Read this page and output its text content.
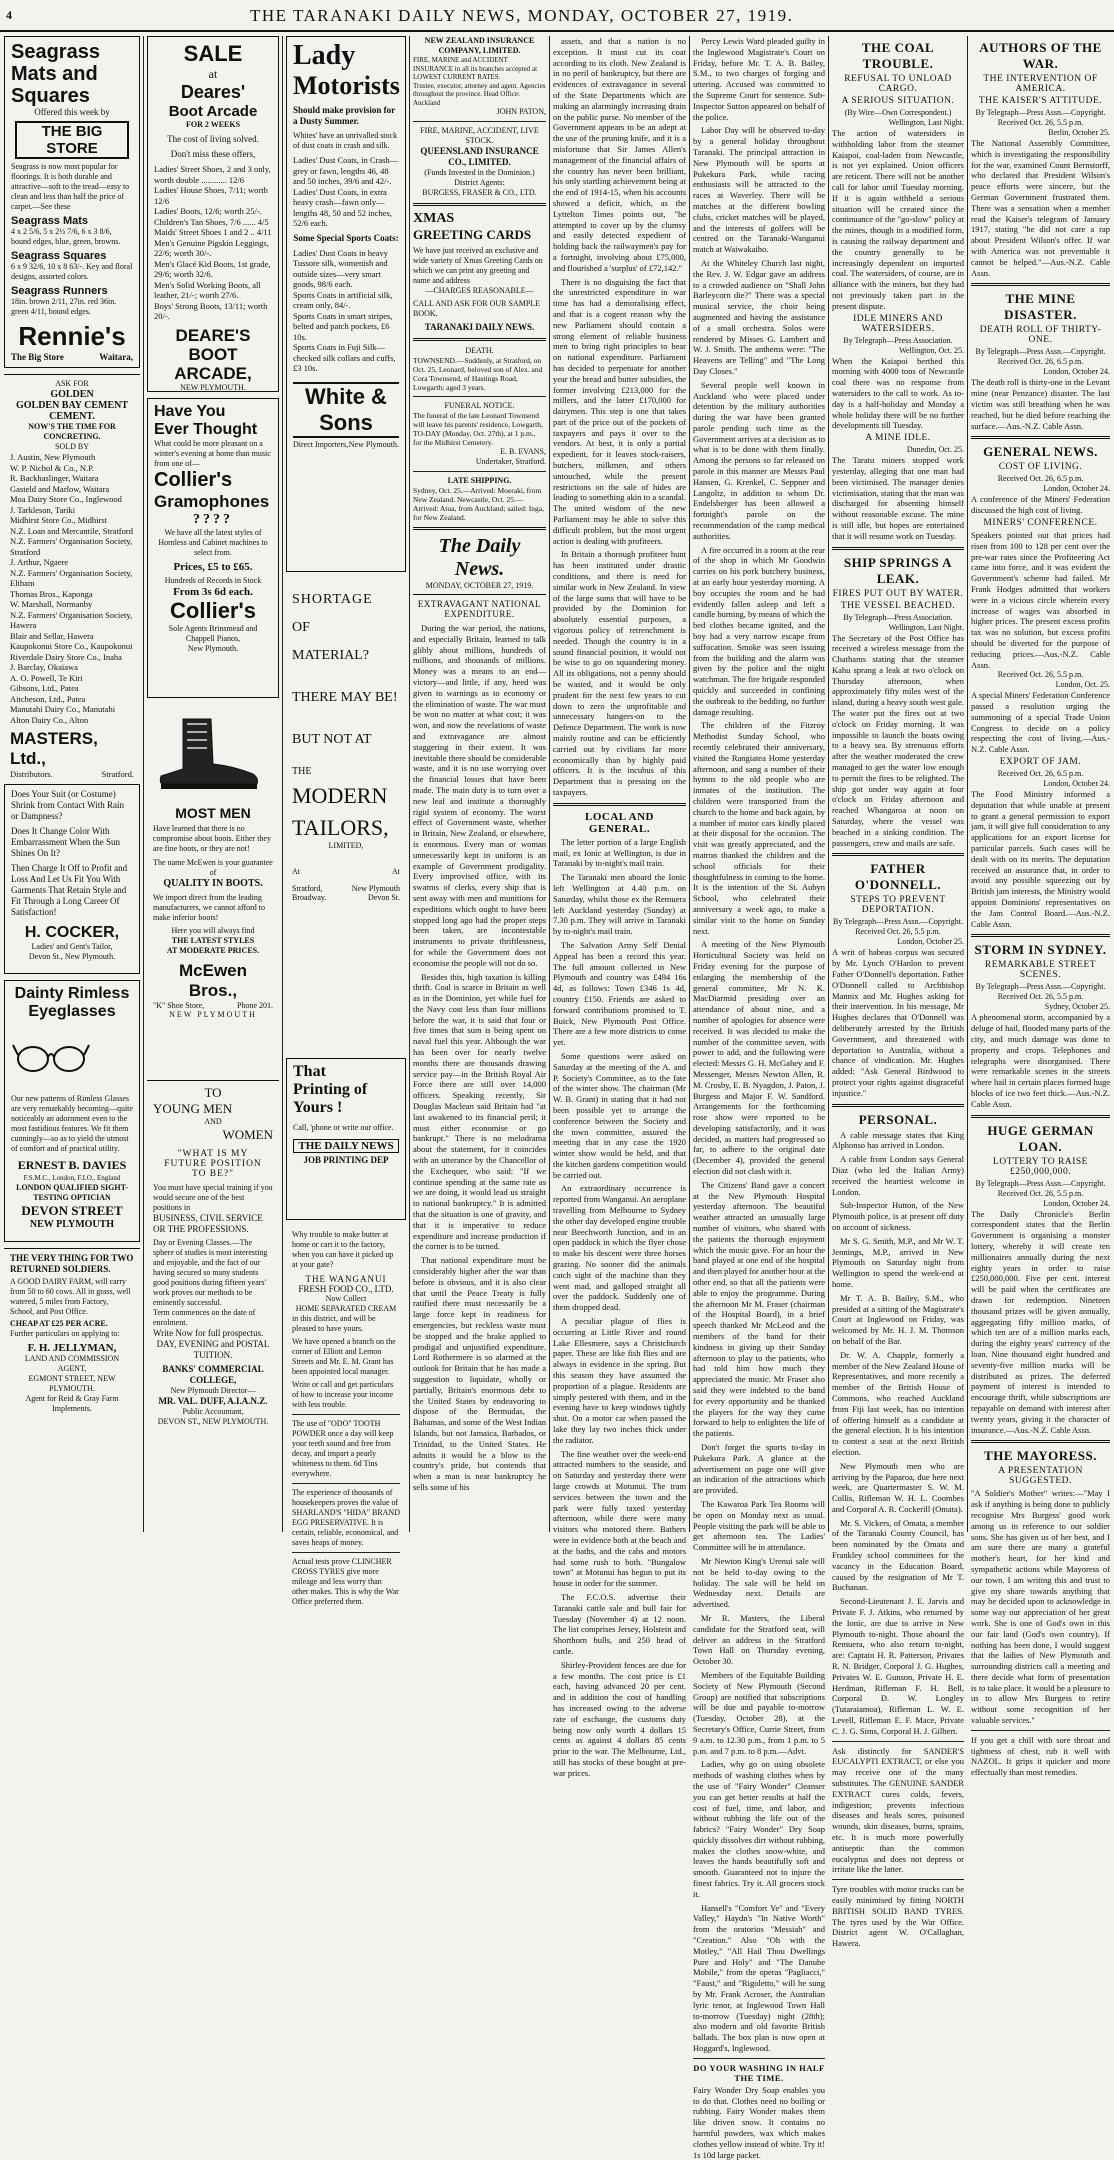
4	THE TARANAKI DAILY NEWS, MONDAY, OCTOBER 27, 1919.
Seagrass
Mats and
Squares
Offered this week by
THE BIG STORE
Seagrass is now most popular for floorings. It is both durable and attractive—soft to the tread—easy to clean and less than half the price of carpet.—See these
Seagrass Mats
4 x 2 5/6, 5 x 2½ 7/6, 6 x 3 8/6, bound edges, blue, green, browns.
Seagrass Squares
6 x 9 32/6, 10 x 8 63/-. Key and floral designs, assorted colors.
Seagrass Runners
18in. brown 2/11, 27in. red 36in. green 4/11, bound edges.
Rennie's
The Big Store	Waitara,
ASK FOR
GOLDEN
GOLDEN BAY CEMENT
CEMENT.
NOW'S THE TIME FOR CONCRETING.
SOLD BY
J. Austin, New Plymouth
W. P. Nichol & Co., N.P.
R. Backhaslinger, Waitara
Gasteld and Marlow, Waitara
Moa Dairy Store Co., Inglewood
J. Tarkleson, Tariki
Midhirst Store Co., Midhirst
N.Z. Loan and Mercantile, Stratford
N.Z. Farmers' Organisation Society, Stratford
J. Arthur, Ngaere
N.Z. Farmers' Organisation Society, Eltham
Thomas Bros., Kaponga
W. Marshall, Normanby
N.Z. Farmers' Organisation Society, Hawera
Blair and Sellar, Hawera
Kaupokonui Store Co., Kaupokonui
Riverdale Dairy Store Co., Inaha
J. Barclay, Okaiawa
A. O. Powell, Te Kiri
Gibsons, Ltd., Patea
Aitcheson, Ltd., Patea
Manutahi Dairy Co., Manutahi
Alton Dairy Co., Alton
MASTERS, Ltd.,
Distributors.	Stratford.
Does Your Suit (or Costume) Shrink from Contact With Rain or Dampness?
Does It Change Color With Embarrassment When the Sun Shines On It?
Then Charge It Off to Profit and Loss And Let Us Fit You With Garments That Retain Style and Fit Through a Long Career Of Satisfaction!
H. COCKER,
Ladies' and Gent's Tailor,
Devon St., New Plymouth.
Dainty Rimless
Eyeglasses
Our new patterns of Rimless Glasses are very remarkably becoming—quite noticeably an adornment even to the most fastidious features. We fit them cunningly—so as to yield the utmost of comfort and of practical utility.
ERNEST B. DAVIES
F.S.M.C., London, F.I.O., England
LONDON QUALIFIED SIGHT-TESTING OPTICIAN
DEVON STREET
NEW PLYMOUTH
THE VERY THING FOR TWO RETURNED SOLDIERS.
A GOOD DAIRY FARM, will carry from 50 to 60 cows. All in grass, well watered, 5 miles from Factory, School, and Post Office.
CHEAP AT £25 PER ACRE.
Further particulars on applying to:
F. H. JELLYMAN,
LAND AND COMMISSION AGENT,
EGMONT STREET, NEW PLYMOUTH.
Agent for Reid & Gray Farm Implements.
SALE
at
Deares'
Boot Arcade
FOR 2 WEEKS
The cost of living solved.
Don't miss these offers,
Ladies' Street Shoes, 2 and 3 only, worth double ............ 12/6
Ladies' House Shoes, 7/11; worth 12/6
Ladies' Boots, 12/6; worth 25/-.
Children's Tan Shoes, 7/6 ...... 4/5
Maids' Street Shoes 1 and 2 .. 4/11
Men's Genuine Pigskin Leggings, 22/6; worth 30/-.
Men's Glacé Kid Boots, 1st grade, 29/6; worth 32/6.
Men's Solid Working Boots, all leather, 21/-; worth 27/6.
Boys' Strong Boots, 13/11; worth 20/-.
DEARE'S
BOOT
ARCADE,
NEW PLYMOUTH.
Have You
Ever Thought
What could be more pleasant on a winter's evening at home than music from one of—
Collier's
Gramophones
????
We have all the latest styles of Hornless and Cabinet machines to select from.
Prices, £5 to £65.
Hundreds of Records in Stock
From 3s 6d each.
Collier's
Sole Agents Brinsmead and Chappell Pianos,
New Plymouth.
MOST MEN
Have learned that there is no compromise about boots. Either they are fine boots, or they are not!
The name McEwen is your guarantee of
QUALITY IN BOOTS.
We import direct from the leading manufacturers, we cannot afford to make inferior boots!
Here you will always find
THE LATEST STYLES
AT MODERATE PRICES.
McEwen Bros.,
"K" Shoe Store,	Phone 201.
NEW PLYMOUTH
TO
YOUNG MEN
AND
WOMEN
"WHAT IS MY
FUTURE POSITION
TO BE?"
You must have special training if you would secure one of the best positions in
BUSINESS, CIVIL SERVICE OR THE PROFESSIONS.
Day or Evening Classes.—The sphere of studies is most interesting and enjoyable, and the fact of our having secured so many students good positions during fifteen years' work proves our methods to be eminently successful.
Term commences on the date of enrolment.
Write Now for full prospectus.
DAY, EVENING and POSTAL TUITION.
BANKS' COMMERCIAL COLLEGE,
New Plymouth Director—
MR. VAL. DUFF, A.I.A.N.Z.
Public Accountant,
DEVON ST., NEW PLYMOUTH.
Lady
Motorists
Should make provision for a Dusty Summer.
Whites' have an unrivalled stock of dust coats in crash and silk.
Ladies' Dust Coats, in Crash—grey or fawn, lengths 46, 48 and 50 inches, 39/6 and 42/-.
Ladies' Dust Coats, in extra heavy crash—fawn only—lengths 48, 50 and 52 inches, 52/6 each.
Some Special Sports Coats:
Ladies' Dust Coats in heavy Tussore silk, womenish and outside sizes—very smart goods, 98/6 each.
Sports Coats in artificial silk, cream only, 84/-.
Sports Coats in smart stripes, belted and patch pockets, £6 10s.
Sports Coats in Fuji Silk—checked silk collars and cuffs, £3 10s.
White & Sons
Direct Importers, New Plymouth.
SHORTAGE
OF
MATERIAL?
THERE MAY BE!
BUT NOT AT
THE
MODERN
TAILORS,
LIMITED,
At	At
Stratford,	New Plymouth
Broadway.	Devon St.
That
Printing of
Yours !
Call, 'phone or write our office.
THE DAILY NEWS
JOB PRINTING DEP
Why trouble to make butter at home or cart it to the factory, when you can have it picked up at your gate?
THE WANGANUI
FRESH FOOD CO., LTD.
Now Collect
HOME SEPARATED CREAM
in this district, and will be pleased to have yours.
We have opened a branch on the corner of Elliott and Lemon Streets and Mr. E. M. Grant has been appointed local manager.
Write or call and get particulars of how to increase your income with less trouble.
The use of "ODO" TOOTH POWDER once a day will keep your teeth sound and free from decay, and impart a pearly whiteness to them. 6d Tins everywhere.
The experience of thousands of housekeepers proves the value of SHARLAND'S "HIDA" BRAND EGG PRESERVATIVE. It is certain, reliable, economical, and saves heaps of money.
Actual tests prove CLINCHER CROSS TYRES give more mileage and less worry than other makes. This is why the War Office preferred them.
NEW ZEALAND INSURANCE COMPANY, LIMITED.
FIRE, MARINE and ACCIDENT INSURANCE in all its branches accepted at LOWEST CURRENT RATES.
Trustee, executor, attorney and agent. Agencies throughout the province. Head Office: Auckland
JOHN PATON,
FIRE, MARINE, ACCIDENT, LIVE STOCK.
QUEENSLAND INSURANCE CO., LIMITED.
(Funds Invested in the Dominion.)
District Agents:
BURGESS, FRASER & CO., LTD.
XMAS
GREETING CARDS
We have just received an exclusive and wide variety of Xmas Greeting Cards on which we can print any greeting and name and address
—CHARGES REASONABLE—
CALL AND ASK FOR OUR SAMPLE BOOK.
TARANAKI DAILY NEWS.
DEATH.
TOWNSEND.—Suddenly, at Stratford, on Oct. 25, Leonard, beloved son of Alex. and Cora Townsend, of Hastings Road, Lowgarth; aged 3 years.
FUNERAL NOTICE.
The funeral of the late Leonard Townsend will leave his parents' residence, Lowgarth, TO-DAY (Monday, Oct. 27th), at 1 p.m., for the Midhirst Cemetery.
E. B. EVANS,
Undertaker, Stratford.
LATE SHIPPING.
Sydney, Oct. 25.—Arrived: Moeraki, from New Zealand. Newcastle, Oct. 25.—Arrived: Atua, from Auckland; sailed: Inga, for New Zealand.
The Daily News.
MONDAY, OCTOBER 27, 1919.
EXTRAVAGANT NATIONAL EXPENDITURE.

During the war period, the nations, and especially Britain, learned to talk glibly about millions, hundreds of millions, and thousands of millions. Money was a means to an end—victory—and little, if any, heed was given to warnings as to economy or the elimination of waste. The war must be won no matter at what cost; it was won, and now the revelations of waste and extravagance are almost staggering in their extent. It was inevitable there should be considerable waste, and it is no use worrying over the financial losses that have been made. The main duty is to turn over a new leaf and institute a thoroughly rigid system of economy. The worst effect of Government waste, whether in Britain, New Zealand, or elsewhere, is enormous. Every man or woman unnecessarily kept in uniform is an example of Government prodigality. Every improvised office, with its swarms of clerks, every ship that is sent away with men and munitions for expeditions which ought to have been stopped long ago had the proper steps been taken, are incontestable instruments to private thriftlessness, for while the Government does not economise the people will not do so.

Besides this, high taxation is killing thrift. Coal is scarce in Britain as well as in the Dominion, yet while fuel for the Navy cost less than four millions before the war, it is said that four or five times that sum is being spent on naval fuel this year. Although the war has been over for nearly twelve months there are thousands drawing service pay—in the British Royal Air Force there are still over 14,000 officers. Speaking recently, Sir Douglas Maclean said Britain had "at last awakened to its financial peril; it must either economise or go bankrupt." There is no melodrama about the statement, for it coincides with an utterance by the Chancellor of the Exchequer, who said: "If we continue spending at the same rate as we are doing, it would lead us straight to national bankruptcy." It is admitted that the situation is one of gravity, and that it is imperative to reduce expenditure and increase production if the corner is to be turned.

That national expenditure must be considerably higher after the war than before is obvious, and it is also clear that until the Peace Treaty is fully ratified there must necessarily be a large force kept in readiness for emergencies, but reckless waste must be stopped and the brake applied to prodigal and unjustified expenditure. Lord Rothermere is so alarmed at the outlook for Britain that he has made a suggestion to liquidate, wholly or partially, Britain's enormous debt to the United States by endeavoring to dispose of the Bermudas, the Bahamas, and some of the West Indian Islands, but not Jamaica, Barbados, or Trinidad, to the United States. He admits it would be a blow to the country's pride, but contends that when a man is near bankruptcy he sells some of his

assets, and that a nation is no exception. It must cut its coat according to its cloth. New Zealand is in no peril of bankruptcy, but there are evidences of extravagance in several of the State Departments which are making an alarmingly increasing drain on the public purse. No member of the Government appears to be an adept at the use of the pruning knife, and it is a misfortune that Sir James Allen's management of the financial affairs of the country has never been brilliant, his only startling achievement being at the end of 1914-15, when his accounts showed a deficit, which, as the Lyttelton Times points out, "he attempted to cover up by the clumsy and easily detected expedient of holding back the railwaymen's pay for a fortnight, involving about £75,000, and flourished a 'surplus' of £72,142."

There is no disguising the fact that the unrestricted expenditure in war time has had a demoralising effect, and that is a cogent reason why the new Parliament should contain a strong element of reliable business men to bring right principles to bear on national expenditure. Parliament has decided to perpetuate for another year the bread and butter subsidies, the former involving £213,000 for the millers, and the latter £170,000 for dairymen. This step is one that takes part of the price out of the pockets of taxpayers and pays it over to the vendors. At best, it is only a partial expedient, for it leaves stock-raisers, butchers, milkmen, and others untouched, while the present restrictions on the sale of hides are leading to something akin to a scandal. The united wisdom of the new Parliament may be able to solve this difficult problem, but the most urgent action is dealing with profiteers.

In Britain a thorough profiteer hunt has been instituted under drastic conditions, and there is need for similar work in New Zealand. In view of the large sums that will have to be provided by the Dominion for absolutely essential purposes, a vigorous policy of retrenchment is needed. Though the country is in a sound financial position, it would not be wise to go on squandering money. All its obligations, not a penny should be wasted, and it would be only prudent for the next few years to cut down to zero the unprofitable and unnecessary hangers-on to the Defence Department. The work is now mainly routine and can be efficiently carried out by civilians far more economically than by highly paid officers. It is the incubus of this Department that is pressing on the taxpayers.

LOCAL AND GENERAL.

The letter portion of a large English mail, ex Ionic at Wellington, is due in Taranaki by to-night's mail train.

The Taranaki men aboard the Ionic left Wellington at 4.40 p.m. on Saturday, whilst those ex the Remuera left Auckland yesterday (Sunday) at 7.30 p.m. They will arrive in Taranaki by to-night's mail train.

The Salvation Army Self Denial Appeal has been a record this year. The full amount collected in New Plymouth and country was £494 16s 4d, as follows: Town £346 1s 4d, country £150. Friends are asked to forward contributions promised to T. Buick, New Plymouth Post Office. There are a few more districts to come yet.

Some questions were asked on Saturday at the meeting of the A. and P. Society's Committee, as to the fate of the winter show. The chairman (Mr W. B. Grant) in stating that it had not been possible yet to arrange the conference between the Society and the town committee, assured the meeting that in any case the 1920 winter show would be held, and that the kitchen gardens competition would be carried out.

An extraordinary occurrence is reported from Wanganui. An aeroplane travelling from Melbourne to Sydney the other day developed engine trouble near Beechworth Junction, and in an open paddock in which the flyer chose to make his descent were three horses grazing. No sooner did the animals catch sight of the machine than they went mad, and galloped straight all over the paddock. Suddenly one of them dropped dead.

A peculiar plague of flies is occurring at Little River and round Lake Ellesmere, says a Christchurch paper. These are like fish flies and are always in evidence in the spring. But this season they have assumed the proportion of a plague. Residents are simply pestered with them, and in the evening have to keep windows tightly shut. On a motor car when passed the lake they lay two inches thick under the radiator.

The fine weather over the week-end attracted numbers to the seaside, and on Saturday and yesterday there were large crowds at Motunui. The tram services between the town and the park were fully taxed yesterday afternoon, while there were many visitors who motored there. Bathers were in evidence both at the beach and at the baths, and the cabs and motors had some rush to both. "Bungalow town" at Motunui has begun to put its house in order for the summer.

The F.C.O.S. advertise their Taranaki cattle sale and bull fair for Tuesday (November 4) at 12 noon. The list comprises Jersey, Holstein and Shorthorn bulls, and 250 head of cattle.

Shirley-Provident fences are due for a few months. The cost price is £1 each, having advanced 20 per cent. and in addition the cost of handling has increased owing to the adverse rate of exchange, the customs duty being now only worth 4 dollars 15 cents as against 4 dollars 85 cents prior to the war. The Melbourne, Ltd., still has stocks of these bought at pre-war prices.

Percy Lewis Ward pleaded guilty in the Inglewood Magistrate's Court on Friday, before Mr. T. A. B. Bailey, S.M., to two charges of forging and uttering. Accused was committed to the Supreme Court for sentence. Sub-Inspector Sutton appeared on behalf of the police.

Labor Day will be observed to-day by a general holiday throughout Taranaki. The principal attraction in New Plymouth will be sports at Pukekura Park, while racing enthusiasts will be attracted to the races at Waverley. There will be matches at the different bowling clubs, cricket matches will be played, and the interests of golfers will be centred on the Taranaki-Wanganui match at Waiwakaiho.

At the Whiteley Church last night, the Rev. J. W. Edgar gave an address to a crowded audience on "Shall John Barleycorn die?" There was a special musical service, the choir being augmented and having the assistance of a small orchestra. Solos were rendered by Misses G. Lambert and W. J. Smith. The anthems were: "The Heavens are Telling" and "The Long Day Closes."

Several people well known in Auckland who were placed under detention by the military authorities during the war have been granted parole pending such time as the Government arrives at a decision as to what is to be done with them finally. Among the persons so far released on parole in this manner are Messrs Paul Hansen, G. Krenkel, C. Seppner and Langoltz, in addition to whom Dr. Endelsberger has been allowed a fortnight's parole on the recommendation of the camp medical authorities.

A fire occurred in a room at the rear of the shop in which Mr Goodwin carries on his pork butchery business, at an early hour yesterday morning. A boy occupies the room and he had evidently fallen asleep and left a candle burning, by means of which the bed clothes became ignited, and the boy had a very narrow escape from suffocation. Smoke was seen issuing from the building and the alarm was given by the police and the night watchman. The fire brigade responded quickly and succeeded in confining the outbreak to the bedding, no further damage resulting.

The children of the Fitzroy Methodist Sunday School, who recently celebrated their anniversary, visited the Rangiatea Home yesterday afternoon, and sang a number of their hymns to the old people who are inmates of the institution. The children were transported from the church to the home and back again, by a number of motor cars kindly placed at their disposal for the occasion. The visit was greatly appreciated, and the matron thanked the children and the school officials for their thoughtfulness in coming to the home. It is the intention of the St. Aubyn School, who celebrated their anniversary a week ago, to make a similar visit to the home on Sunday next.

A meeting of the New Plymouth Horticultural Society was held on Friday evening for the purpose of enlarging the membership of the general committee, Mr N. K. MacDiarmid presiding over an attendance of about nine, and a number of apologies for absence were received. It was decided to make the number of the committee seven, with power to add, and the following were elected: Messrs G. H. McGahey and F. Messenger, Messrs Newton Allen, R. M. Crosby, E. B. Nyagdon, J. Paton, J. Burgess and Major F. W. Sandford. Arrangements for the forthcoming rose show were reported to be developing satisfactorily, and it was decided, as matters had progressed so far, to adhere to the original date (December 4), provided the general election did not clash with it.

The Citizens' Band gave a concert at the New Plymouth Hospital yesterday afternoon. The beautiful weather attracted an unusually large number of visitors, who shared with the patients the thorough enjoyment which the music gave. For an hour the band played at one end of the hospital and then played for another hour at the other end, so that all the patients were able to enjoy the programme. During the afternoon Mr M. Fraser (chairman of the Hospital Board), in a brief speech thanked Mr McLeod and the members of the band for their kindness in giving up their Sunday afternoon to play to the patients, who had told him how much they appreciated the music. Mr Fraser also said they were indebted to the band for every opportunity and he thanked the players for the way they came forward to help to enlighten the life of the patients.

Don't forget the sports to-day in Pukekura Park. A glance at the advertisement on page one will give an indication of the attractions which are provided.

The Kawaroa Park Tea Rooms will be open on Monday next as usual. People visiting the park will be able to get afternoon tea. The Ladies' Committee will be in attendance.

Mr Newton King's Urenui sale will not be held to-day owing to the holiday. The sale will be held on Wednesday next. Details are advertised.

Mr R. Masters, the Liberal candidate for the Stratford seat, will deliver an address in the Stratford Town Hall on Thursday evening, October 30.

Members of the Equitable Building Society of New Plymouth (Second Group) are notified that subscriptions will be due and payable to-morrow (Tuesday, October 28), at the Secretary's Office, Currie Street, from 9 a.m. to 12.30 p.m., from 1 p.m. to 5 p.m. and 7 p.m. to 8 p.m.—Advt.

Ladies, why go on using obsolete methods of washing clothes when by the use of "Fairy Wonder" Cleanser you can get better results at half the cost of fuel, time, and labor, and without rubbing the life out of the fabrics? "Fairy Wonder" Dry Soap quickly dissolves dirt without rubbing, makes the clothes snow-white, and leaves the hands beautifully soft and smooth. Guaranteed not to injure the finest fabrics. Try it. All grocers stock it.

Hansell's "Comfort Ye" and "Every Valley," Haydn's "In Native Worth" from the oratorios "Messiah" and "Creation." Also "Oh with the Motley," "All Hail Thou Dwellings Pure and Holy" and "The Danube Mobile," from the operas "Pagliacci," "Faust," and "Rigoletto," will be sung by Mr. Frank Acroser, the Australian lyric tenor, at Inglewood Town Hall to-morrow (Tuesday) night (28th); also modern and old favorite British ballads. The box plan is now open at Hoggard's, Inglewood.

DO YOUR WASHING IN HALF THE TIME.
Fairy Wonder Dry Soap enables you to do that. Clothes need no boiling or rubbing. Fairy Wonder makes them like driven snow. It contains no harmful powders, wax which makes clothes yellow instead of white. Try it! 1s 10d large packet.
THE COAL TROUBLE.
REFUSAL TO UNLOAD CARGO.
A SERIOUS SITUATION.
(By Wire—Own Correspondent.)
Wellington, Last Night.
The action of watersiders in withholding labor from the steamer Kaiapoi, coal-laden from Newcastle, is not yet explained. Union officers are reticent. There will not be another call for labor until Tuesday morning. If it is again withheld a serious situation will be created since the continuance of the "go-slow" policy at the mines, though in a modified form, is causing the railway department and the country generally to be increasingly dependent on imported coal. The watersiders, of course, are in alliance with the miners, but they had not previously taken part in the present dispute.
IDLE MINERS AND WATERSIDERS.
By Telegraph—Press Association.
Wellington, Oct. 25.
When the Kaiapoi berthed this morning with 4000 tons of Newcastle coal there was no response from watersiders to the call to work. As to-day is a half-holiday and Monday a whole holiday there will be no further developments till Tuesday.
A MINE IDLE.
Dunedin, Oct. 25.
The Taratu miners stopped work yesterday, alleging that one man had been victimised. The manager denies victimisation, stating that the man was discharged for absenting himself without reasonable excuse. The mine is still idle, but hopes are entertained that it will resume work on Tuesday.
SHIP SPRINGS A LEAK.
FIRES PUT OUT BY WATER.
THE VESSEL BEACHED.
By Telegraph—Press Association.
Wellington, Last Night.
The Secretary of the Post Office has received a wireless message from the Chathams stating that the steamer Kahu sprang a leak at two o'clock on Thursday afternoon, when approximately fifty miles west of the island, during a heavy south west gale. The water put the fires out at two o'clock on Friday morning. It was impossible to launch the boats owing to a heavy sea. By strenuous efforts after the weather moderated the crew managed to get the water low enough to permit the fires to be relighted. The ship got under way again at four o'clock on Friday afternoon and reached Whangaroa at noon on Saturday, where the vessel was beached in a sinking condition. The passengers, crew and mails are safe.
FATHER O'DONNELL.
STEPS TO PREVENT DEPORTATION.
By Telegraph—Press Assn.—Copyright.
Received Oct. 26, 5.5 p.m.
London, October 25.
A writ of habeas corpus was secured by Mr. Lynch O'Hanlon to prevent Father O'Donnell's deportation. Father O'Donnell called to Archbishop Mannix and Mr. Hughes asking for their intervention. In his message, Mr Hughes declares that O'Donnell was deliberately arrested by the British Government, and threatened with deportation to Australia, without a chance of vindication. Mr. Hughes added: "Ask General Birdwood to protect your rights against disgraceful injustice."
PERSONAL.

A cable message states that King Alphonso has arrived in London.

A cable from London says General Diaz (who led the Italian Army) received the heartiest welcome in London.

Sub-Inspector Hutton, of the New Plymouth police, is at present off duty on account of sickness.

Mr S. G. Smith, M.P., and Mr W. T. Jennings, M.P., arrived in New Plymouth on Saturday night from Wellington to spend the week-end at home.

Mr T. A. B. Bailey, S.M., who presided at a sitting of the Magistrate's Court at Inglewood on Friday, was welcomed by Mr. H. J. M. Thomson on behalf of the Bar.

Dr. W. A. Chapple, formerly a member of the New Zealand House of Representatives, and more recently a member of the British House of Commons, who reached Auckland from Fiji last week, has no intention of offering himself as a candidate at the general election. It is his intention to contest a seat at the next British election.

New Plymouth men who are arriving by the Paparoa, due here next week, are Quartermaster S. W. M. Collis, Rifleman W. H. L. Coombes and Corporal A. R. Cockerill (Omata).

Mr. S. Vickers, of Omata, a member of the Taranaki County Council, has been nominated by the Omata and Frankley school committees for the vacancy in the Education Board, caused by the resignation of Mr T. Buchanan.

Second-Lieutenant J. E. Jarvis and Private F. J. Atkins, who returned by the Ionic, are due to arrive in New Plymouth to-night. Those aboard the Remuera, who also return to-night, are: Captain H. R. Patterson, Privates R. N. Bridger, Corporal J. G. Hughes, Privates W. E. Gunson, Private H. E. Herdman, Rifleman F. H. Bell, Corporal D. W. Longley (Tutaraiamoa), Rifleman L. W. E. Levell, Rifleman E. F. Mace, Private C. J. G. Sims, Corporal H. J. Gilbert.

Ask distinctly for SANDER'S EUCALYPTI EXTRACT, or else you may receive one of the many substitutes. The GENUINE SANDER EXTRACT cures colds, fevers, indigestion; prevents infectious diseases and heals sores, poisoned wounds, skin diseases, burns, sprains, etc. It is much more powerfully antiseptic than the common eucalyptus and does not depress or irritate like the latter.
Tyre troubles with motor trucks can be easily minimised by fitting NORTH BRITISH SOLID BAND TYRES. The tyres used by the War Office. District agent W. O'Callaghan, Hawera.
AUTHORS OF THE WAR.
THE INTERVENTION OF AMERICA.
THE KAISER'S ATTITUDE.
By Telegraph—Press Assn.—Copyright.
Received Oct. 26, 5.5 p.m.
Berlin, October 25.
The National Assembly Committee, which is investigating the responsibility for the war, examined Count Bernstorff, who declared that President Wilson's peace efforts were sincere, but the German Government frustrated them. There was a sensation when a member read the Kaiser's telegram of January 1917, stating "he did not care a rap about President Wilson's offer. If war with America was not preventable it cannot be helped."—Aus.-N.Z. Cable Assn.
THE MINE DISASTER.
DEATH ROLL OF THIRTY-ONE.
By Telegraph—Press Assn.—Copyright.
Received Oct. 26, 6.5 p.m.
London, October 24.
The death roll is thirty-one in the Levant mine (near Penzance) disaster. The last victim was still breathing when he was reached, but he died before reaching the surface.—Aus.-N.Z. Cable Assn.
GENERAL NEWS.
COST OF LIVING.
Received Oct. 26, 6.5 p.m.
London, October 24.
A conference of the Miners' Federation discussed the high cost of living.
MINERS' CONFERENCE.
Speakers pointed out that prices had risen from 100 to 128 per cent over the pre-war rates since the Profiteering Act came into force, and it was evident the Government's scheme had failed. Mr Frank Hodges admitted that workers were in a vicious circle wherein every increase of wages was absorbed in higher prices. The present excess profits tax was no solution, but excess profits should be diverted for the purpose of reducing prices.—Aus.-N.Z. Cable Assn.
Received Oct. 26, 5.5 p.m.
London, Oct. 25.
A special Miners' Federation Conference passed a resolution urging the summoning of a special Trade Union Congress to decide on a policy respecting the cost of living.—Aus.-N.Z. Cable Assn.
EXPORT OF JAM.
Received Oct. 26, 6.5 p.m.
London, October 24.
The Food Ministry informed a deputation that while unable at present to grant a general permission to export jam, it will give full consideration to any applications for an export license for particular parcels. Such cases will be dealt with on its merits. The deputation received an assurance that, in order to avoid any possible squeezing out by British jam interests, the Ministry would appoint Dominions' representatives on the Jam Control Board.—Aus.-N.Z. Cable Assn.
STORM IN SYDNEY.
REMARKABLE STREET SCENES.
By Telegraph—Press Assn.—Copyright.
Received Oct. 26, 5.5 p.m.
Sydney, October 25.
A phenomenal storm, accompanied by a deluge of hail, flooded many parts of the city, and much damage was done to property and crops. Telephones and telegraphs were disorganised. There were remarkable scenes in the streets where hail in certain places formed huge blocks of ice two feet thick.—Aus.-N.Z. Cable Assn.
HUGE GERMAN LOAN.
LOTTERY TO RAISE £250,000,000.
By Telegraph—Press Assn.—Copyright.
Received Oct. 26, 5.5 p.m.
London, October 24.
The Daily Chronicle's Berlin correspondent states that the Berlin Government is organising a monster lottery, whereby it will create ten millionaires annually during the next eighty years in order to raise £250,000,000. Five per cent. interest will be paid when the certificates are drawn for redemption. Nineteen thousand prizes will be given annually, aggregating fifty million marks, of which ten are of a million marks each, during the eighty years' currency of the loan. Nine thousand eight hundred and seventy-five million marks will be distributed as prizes. The deferred payment of interest is intended to encourage thrift, while subscriptions are repayable on demand with interest after twenty years, giving it the character of insurance.—Aus.-N.Z. Cable Assn.
THE MAYORESS.
A PRESENTATION SUGGESTED.
"A Soldier's Mother" writes:—"May I ask if anything is being done to publicly recognise Mrs Burgess' good work among us in reference to our soldier sons. She has given us of her best, and I am sure there are many a grateful mother's heart, for her kind and sympathetic actions while Mayoress of our town. I am writing this and trust to give my share towards anything that may be decided upon to acknowledge in some way our appreciation of her great work. She is one of God's own in this our fair land (God's own country). If nothing has been done, I would suggest that the ladies of New Plymouth and surrounding districts call a meeting and there decide what form of presentation is to take place. It would be a pleasure to us to allow Mrs Burgess to retire without some recognition of her valuable services."
If you get a chill with sore throat and tightness of chest, rub it well with NAZOL. It grips it quicker and more effectually than most remedies.
